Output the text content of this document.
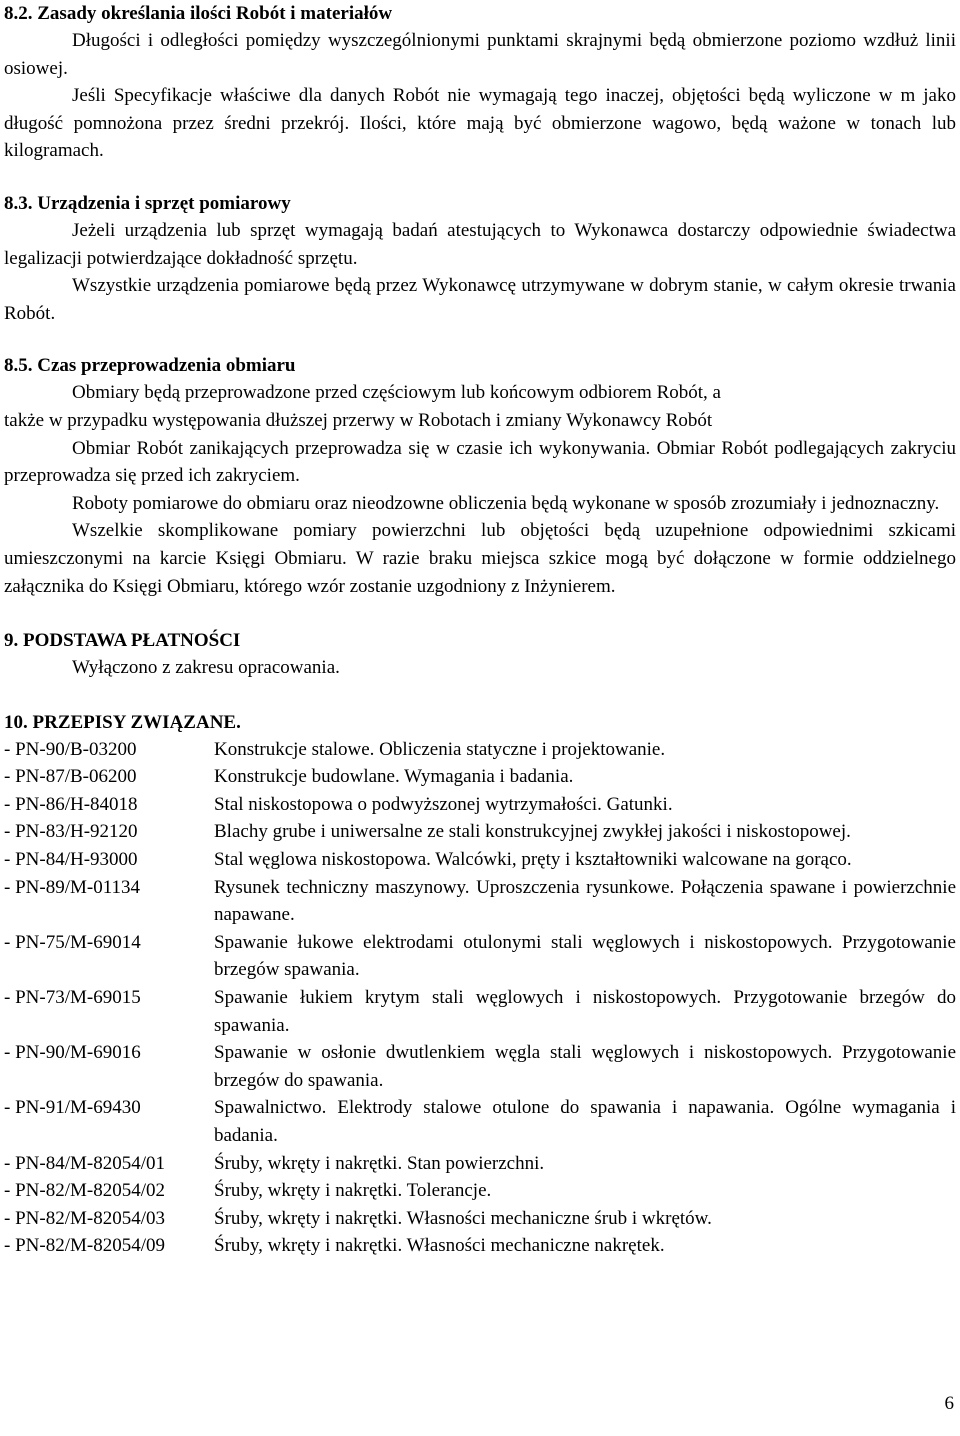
8.2. Zasady określania ilości Robót i materiałów

Długości i odległości pomiędzy wyszczególnionymi punktami skrajnymi będą obmierzone poziomo wzdłuż linii osiowej.

Jeśli Specyfikacje właściwe dla danych Robót nie wymagają tego inaczej, objętości będą wyliczone w m jako długość pomnożona przez średni przekrój. Ilości, które mają być obmierzone wagowo, będą ważone w tonach lub kilogramach.

8.3. Urządzenia i sprzęt pomiarowy

Jeżeli urządzenia lub sprzęt wymagają badań atestujących to Wykonawca dostarczy odpowiednie świadectwa legalizacji potwierdzające dokładność sprzętu.

Wszystkie urządzenia pomiarowe będą przez Wykonawcę utrzymywane w dobrym stanie, w całym okresie trwania Robót.

8.5. Czas przeprowadzenia obmiaru

Obmiary będą przeprowadzone przed częściowym lub końcowym odbiorem Robót, a

także w przypadku występowania dłuższej przerwy w Robotach i zmiany Wykonawcy Robót

Obmiar Robót zanikających przeprowadza się w czasie ich wykonywania. Obmiar Robót podlegających zakryciu przeprowadza się przed ich zakryciem.

Roboty pomiarowe do obmiaru oraz nieodzowne obliczenia będą wykonane w sposób zrozumiały i jednoznaczny.

Wszelkie skomplikowane pomiary powierzchni lub objętości będą uzupełnione odpowiednimi szkicami umieszczonymi na karcie Księgi Obmiaru. W razie braku miejsca szkice mogą być dołączone w formie oddzielnego załącznika do Księgi Obmiaru, którego wzór zostanie uzgodniony z Inżynierem.

9. PODSTAWA PŁATNOŚCI

Wyłączono z zakresu opracowania.

10. PRZEPISY ZWIĄZANE.
- PN-90/B-03200	Konstrukcje stalowe. Obliczenia statyczne i projektowanie.
- PN-87/B-06200	Konstrukcje budowlane. Wymagania i badania.
- PN-86/H-84018	Stal niskostopowa o podwyższonej wytrzymałości. Gatunki.
- PN-83/H-92120	Blachy grube i uniwersalne ze stali konstrukcyjnej zwykłej jakości i niskostopowej.
- PN-84/H-93000	Stal węglowa niskostopowa. Walcówki, pręty i kształtowniki walcowane na gorąco.
- PN-89/M-01134	Rysunek techniczny maszynowy. Uproszczenia rysunkowe. Połączenia spawane i powierzchnie napawane.
- PN-75/M-69014	Spawanie łukowe elektrodami otulonymi stali węglowych i niskostopowych. Przygotowanie brzegów spawania.
- PN-73/M-69015	Spawanie łukiem krytym stali węglowych i niskostopowych. Przygotowanie brzegów do spawania.
- PN-90/M-69016	Spawanie w osłonie dwutlenkiem węgla stali węglowych i niskostopowych. Przygotowanie brzegów do spawania.
- PN-91/M-69430	Spawalnictwo. Elektrody stalowe otulone do spawania i napawania. Ogólne wymagania i badania.
- PN-84/M-82054/01	Śruby, wkręty i nakrętki. Stan powierzchni.
- PN-82/M-82054/02	Śruby, wkręty i nakrętki. Tolerancje.
- PN-82/M-82054/03	Śruby, wkręty i nakrętki. Własności mechaniczne śrub i wkrętów.
- PN-82/M-82054/09	Śruby, wkręty i nakrętki. Własności mechaniczne nakrętek.
6
